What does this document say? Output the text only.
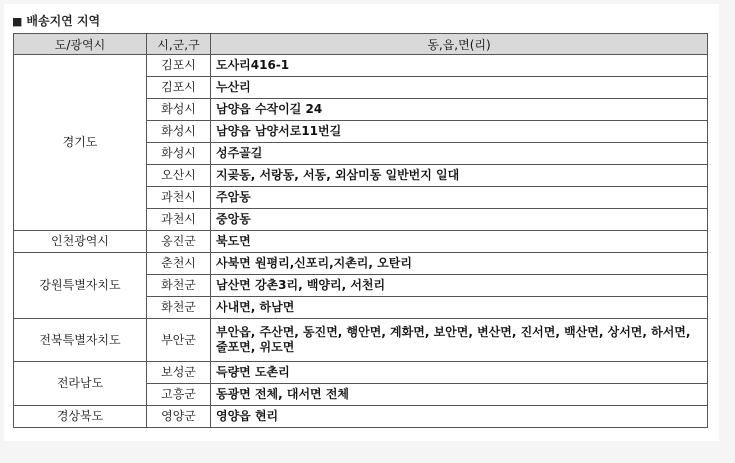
■ 배송지연 지역
도/광역시	시,군,구	동,읍,면(리)
경기도	김포시	도사리416-1
	김포시	누산리
	화성시	남양읍 수작이길 24
	화성시	남양읍 남양서로11번길
	화성시	성주골길
	오산시	지곶동, 서랑동, 서동, 외삼미동 일반번지 일대
	과천시	주암동
	과천시	중앙동
인천광역시	옹진군	북도면
강원특별자치도	춘천시	사북면 원평리,신포리,지촌리, 오탄리
	화천군	남산면 강촌3리, 백양리, 서천리
	화천군	사내면, 하남면
전북특별자치도	부안군	부안읍, 주산면, 동진면, 행안면, 계화면, 보안면, 변산면, 진서면, 백산면, 상서면, 하서면, 줄포면, 위도면
전라남도	보성군	득량면 도촌리
	고흥군	동광면 전체, 대서면 전체
경상북도	영양군	영양읍 현리
